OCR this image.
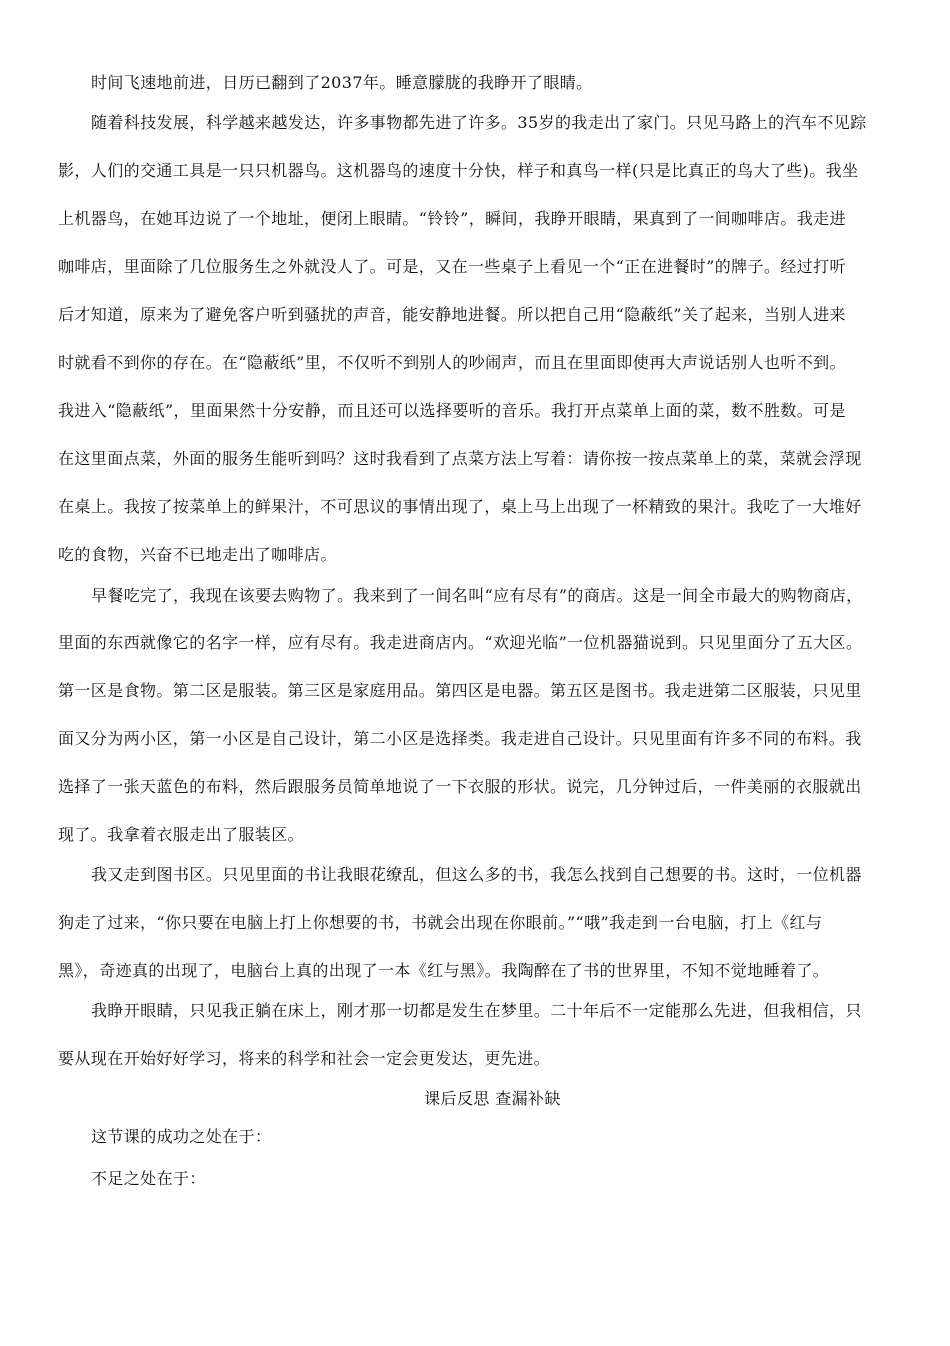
时间飞速地前进，日历已翻到了2037年。睡意朦胧的我睁开了眼睛。
随着科技发展，科学越来越发达，许多事物都先进了许多。35岁的我走出了家门。只见马路上的汽车不见踪
影，人们的交通工具是一只只机器鸟。这机器鸟的速度十分快，样子和真鸟一样(只是比真正的鸟大了些)。我坐
上机器鸟，在她耳边说了一个地址，便闭上眼睛。“铃铃”，瞬间，我睁开眼睛，果真到了一间咖啡店。我走进
咖啡店，里面除了几位服务生之外就没人了。可是，又在一些桌子上看见一个“正在进餐时”的牌子。经过打听
后才知道，原来为了避免客户听到骚扰的声音，能安静地进餐。所以把自己用“隐蔽纸”关了起来，当别人进来
时就看不到你的存在。在“隐蔽纸”里，不仅听不到别人的吵闹声，而且在里面即使再大声说话别人也听不到。
我进入“隐蔽纸”，里面果然十分安静，而且还可以选择要听的音乐。我打开点菜单上面的菜，数不胜数。可是
在这里面点菜，外面的服务生能听到吗？这时我看到了点菜方法上写着：请你按一按点菜单上的菜，菜就会浮现
在桌上。我按了按菜单上的鲜果汁，不可思议的事情出现了，桌上马上出现了一杯精致的果汁。我吃了一大堆好
吃的食物，兴奋不已地走出了咖啡店。
早餐吃完了，我现在该要去购物了。我来到了一间名叫“应有尽有”的商店。这是一间全市最大的购物商店，
里面的东西就像它的名字一样，应有尽有。我走进商店内。“欢迎光临”一位机器猫说到。只见里面分了五大区。
第一区是食物。第二区是服装。第三区是家庭用品。第四区是电器。第五区是图书。我走进第二区服装，只见里
面又分为两小区，第一小区是自己设计，第二小区是选择类。我走进自己设计。只见里面有许多不同的布料。我
选择了一张天蓝色的布料，然后跟服务员简单地说了一下衣服的形状。说完，几分钟过后，一件美丽的衣服就出
现了。我拿着衣服走出了服装区。
我又走到图书区。只见里面的书让我眼花缭乱，但这么多的书，我怎么找到自己想要的书。这时，一位机器
狗走了过来，“你只要在电脑上打上你想要的书，书就会出现在你眼前。”“哦”我走到一台电脑，打上《红与
黑》，奇迹真的出现了，电脑台上真的出现了一本《红与黑》。我陶醉在了书的世界里，不知不觉地睡着了。
我睁开眼睛，只见我正躺在床上，刚才那一切都是发生在梦里。二十年后不一定能那么先进，但我相信，只
要从现在开始好好学习，将来的科学和社会一定会更发达，更先进。
课后反思 查漏补缺
这节课的成功之处在于：
不足之处在于：
